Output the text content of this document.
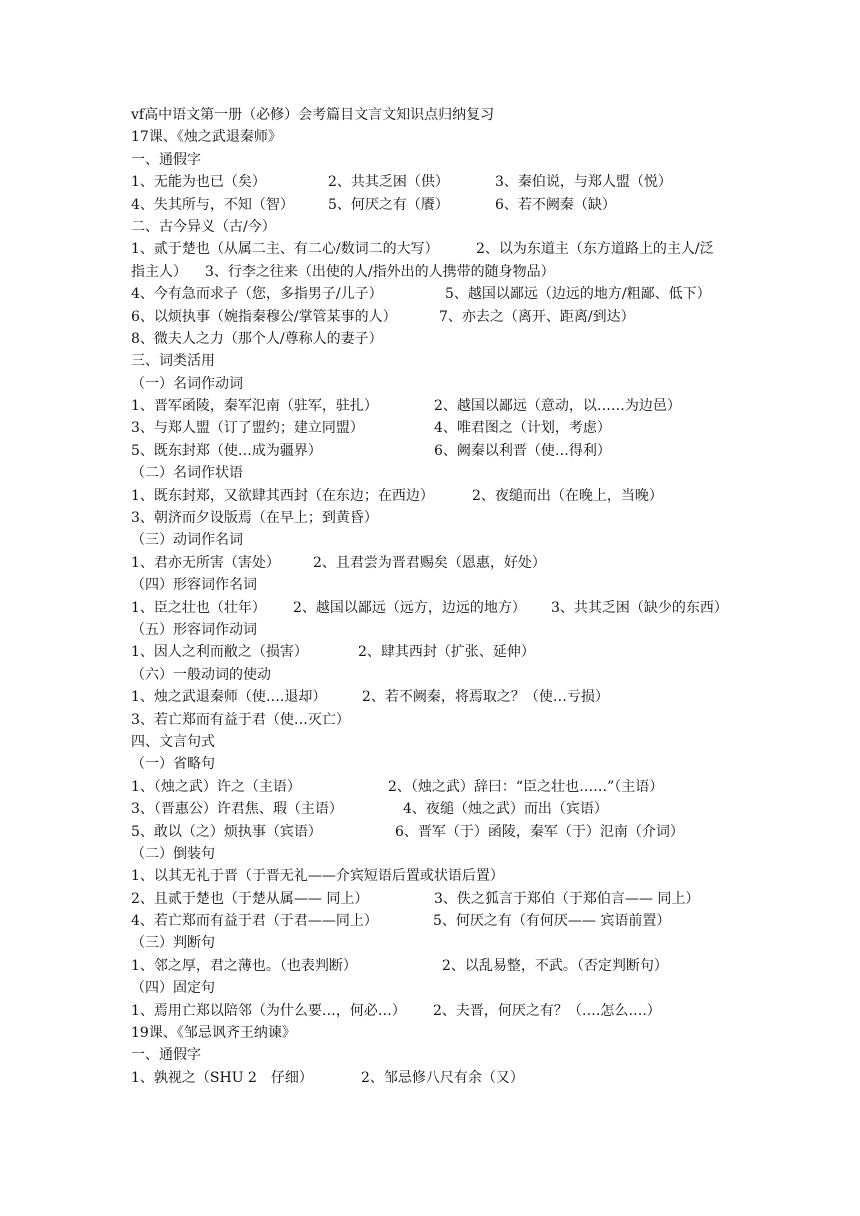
vf高中语文第一册（必修）会考篇目文言文知识点归纳复习
17课、《烛之武退秦师》
一、通假字
1、无能为也已（矣）	2、共其乏困（供）	3、秦伯说，与郑人盟（悦）
4、失其所与，不知（智） 5、何厌之有（餍）	6、若不阙秦（缺）
二、古今异义（古/今）
1、贰于楚也（从属二主、有二心/数词二的大写）	2、以为东道主（东方道路上的主人/泛
指主人） 3、行李之往来（出使的人/指外出的人携带的随身物品）
4、今有急而求子（您，多指男子/儿子）	5、越国以鄙远（边远的地方/粗鄙、低下）
6、以烦执事（婉指秦穆公/掌管某事的人）	7、亦去之（离开、距离/到达）
8、微夫人之力（那个人/尊称人的妻子）
三、词类活用
（一）名词作动词
1、晋军函陵，秦军氾南（驻军，驻扎）	2、越国以鄙远（意动，以……为边邑）
3、与郑人盟（订了盟约；建立同盟）	4、唯君图之（计划，考虑）
5、既东封郑（使…成为疆界）	6、阙秦以利晋（使…得利）
（二）名词作状语
1、既东封郑，又欲肆其西封（在东边；在西边）	2、夜缒而出（在晚上，当晚）
3、朝济而夕设版焉（在早上；到黄昏）
（三）动词作名词
1、君亦无所害（害处） 2、且君尝为晋君赐矣（恩惠，好处）
（四）形容词作名词
1、臣之壮也（壮年） 2、越国以鄙远（远方，边远的地方） 3、共其乏困（缺少的东西）
（五）形容词作动词
1、因人之利而敝之（损害）	2、肆其西封（扩张、延伸）
（六）一般动词的使动
1、烛之武退秦师（使….退却）	2、若不阙秦，将焉取之？（使…亏损）
3、若亡郑而有益于君（使…灭亡）
四、文言句式
（一）省略句
1、（烛之武）许之（主语）	2、（烛之武）辞曰：“臣之壮也……”（主语）
3、（晋惠公）许君焦、瑕（主语）	4、夜缒（烛之武）而出（宾语）
5、敢以（之）烦执事（宾语）	6、晋军（于）函陵，秦军（于）氾南（介词）
（二）倒装句
1、以其无礼于晋（于晋无礼——介宾短语后置或状语后置）
2、且贰于楚也（于楚从属—— 同上）	3、佚之狐言于郑伯（于郑伯言—— 同上）
4、若亡郑而有益于君（于君——同上）	5、何厌之有（有何厌—— 宾语前置）
（三）判断句
1、邻之厚，君之薄也。（也表判断）	2、以乱易整，不武。（否定判断句）
（四）固定句
1、焉用亡郑以陪邻（为什么要…，何必…） 2、夫晋，何厌之有？（….怎么….）
19课、《邹忌讽齐王纳谏》
一、通假字
1、孰视之（SHU 2　仔细）	2、邹忌修八尺有余（又）
